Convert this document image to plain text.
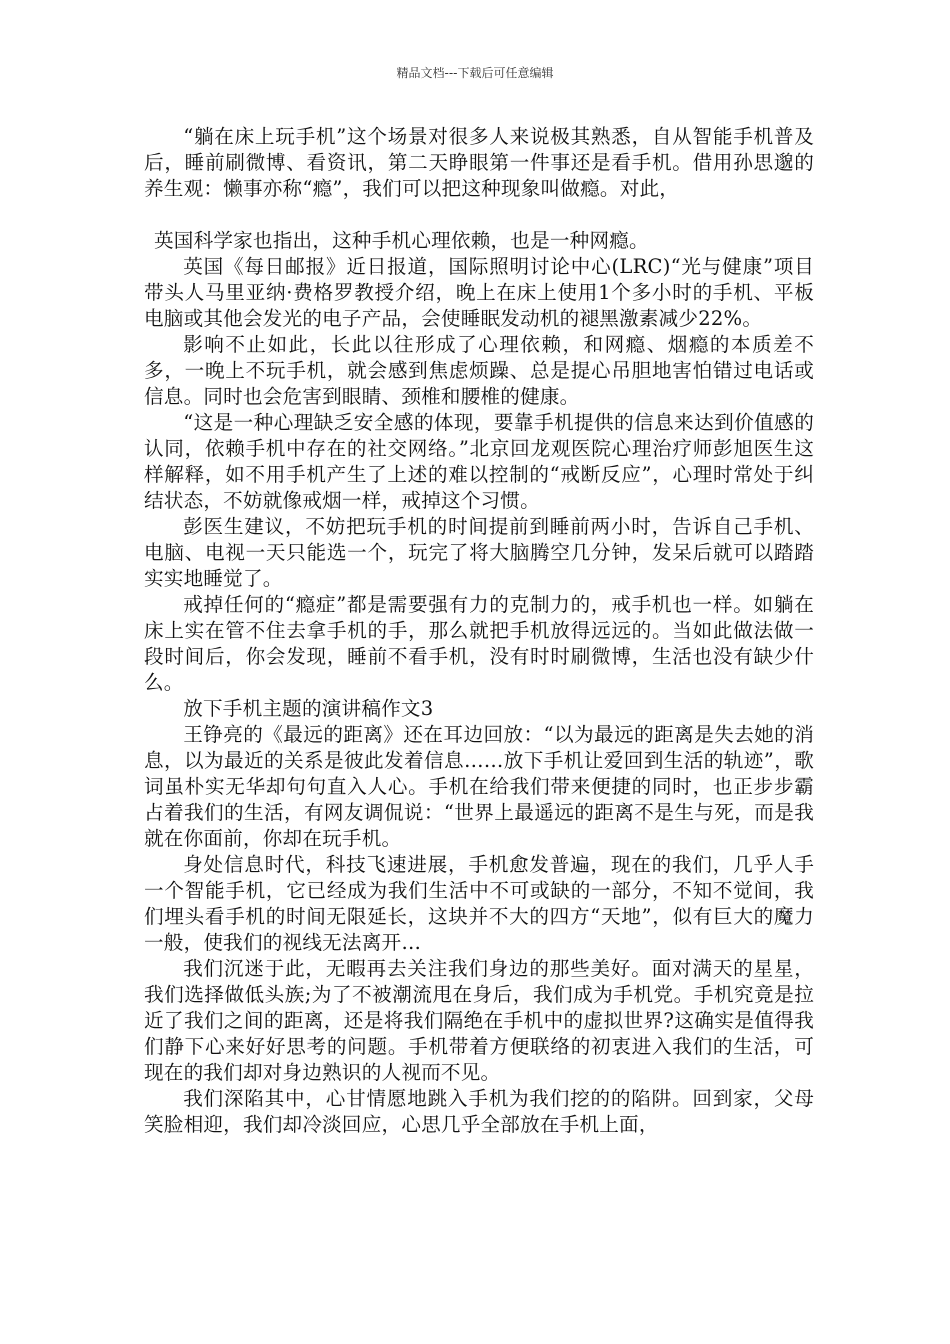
精品文档---下载后可任意编辑

“躺在床上玩手机”这个场景对很多人来说极其熟悉，自从智能手机普及后，睡前刷微博、看资讯，第二天睁眼第一件事还是看手机。借用孙思邈的养生观：懒事亦称“瘾”，我们可以把这种现象叫做瘾。对此，

英国科学家也指出，这种手机心理依赖，也是一种网瘾。

英国《每日邮报》近日报道，国际照明讨论中心(LRC)“光与健康”项目带头人马里亚纳·费格罗教授介绍，晚上在床上使用1个多小时的手机、平板电脑或其他会发光的电子产品，会使睡眠发动机的褪黑激素减少22%。

影响不止如此，长此以往形成了心理依赖，和网瘾、烟瘾的本质差不多，一晚上不玩手机，就会感到焦虑烦躁、总是提心吊胆地害怕错过电话或信息。同时也会危害到眼睛、颈椎和腰椎的健康。

“这是一种心理缺乏安全感的体现，要靠手机提供的信息来达到价值感的认同，依赖手机中存在的社交网络。”北京回龙观医院心理治疗师彭旭医生这样解释，如不用手机产生了上述的难以控制的“戒断反应”，心理时常处于纠结状态，不妨就像戒烟一样，戒掉这个习惯。

彭医生建议，不妨把玩手机的时间提前到睡前两小时，告诉自己手机、电脑、电视一天只能选一个，玩完了将大脑腾空几分钟，发呆后就可以踏踏实实地睡觉了。

戒掉任何的“瘾症”都是需要强有力的克制力的，戒手机也一样。如躺在床上实在管不住去拿手机的手，那么就把手机放得远远的。当如此做法做一段时间后，你会发现，睡前不看手机，没有时时刷微博，生活也没有缺少什么。

放下手机主题的演讲稿作文3

王铮亮的《最远的距离》还在耳边回放：“以为最远的距离是失去她的消息，以为最近的关系是彼此发着信息……放下手机让爱回到生活的轨迹”，歌词虽朴实无华却句句直入人心。手机在给我们带来便捷的同时，也正步步霸占着我们的生活，有网友调侃说：“世界上最遥远的距离不是生与死，而是我就在你面前，你却在玩手机。

身处信息时代，科技飞速进展，手机愈发普遍，现在的我们，几乎人手一个智能手机，它已经成为我们生活中不可或缺的一部分，不知不觉间，我们埋头看手机的时间无限延长，这块并不大的四方“天地”，似有巨大的魔力一般，使我们的视线无法离开…

我们沉迷于此，无暇再去关注我们身边的那些美好。面对满天的星星，我们选择做低头族;为了不被潮流甩在身后，我们成为手机党。手机究竟是拉近了我们之间的距离，还是将我们隔绝在手机中的虚拟世界?这确实是值得我们静下心来好好思考的问题。手机带着方便联络的初衷进入我们的生活，可现在的我们却对身边熟识的人视而不见。

我们深陷其中，心甘情愿地跳入手机为我们挖的的陷阱。回到家，父母笑脸相迎，我们却冷淡回应，心思几乎全部放在手机上面，
